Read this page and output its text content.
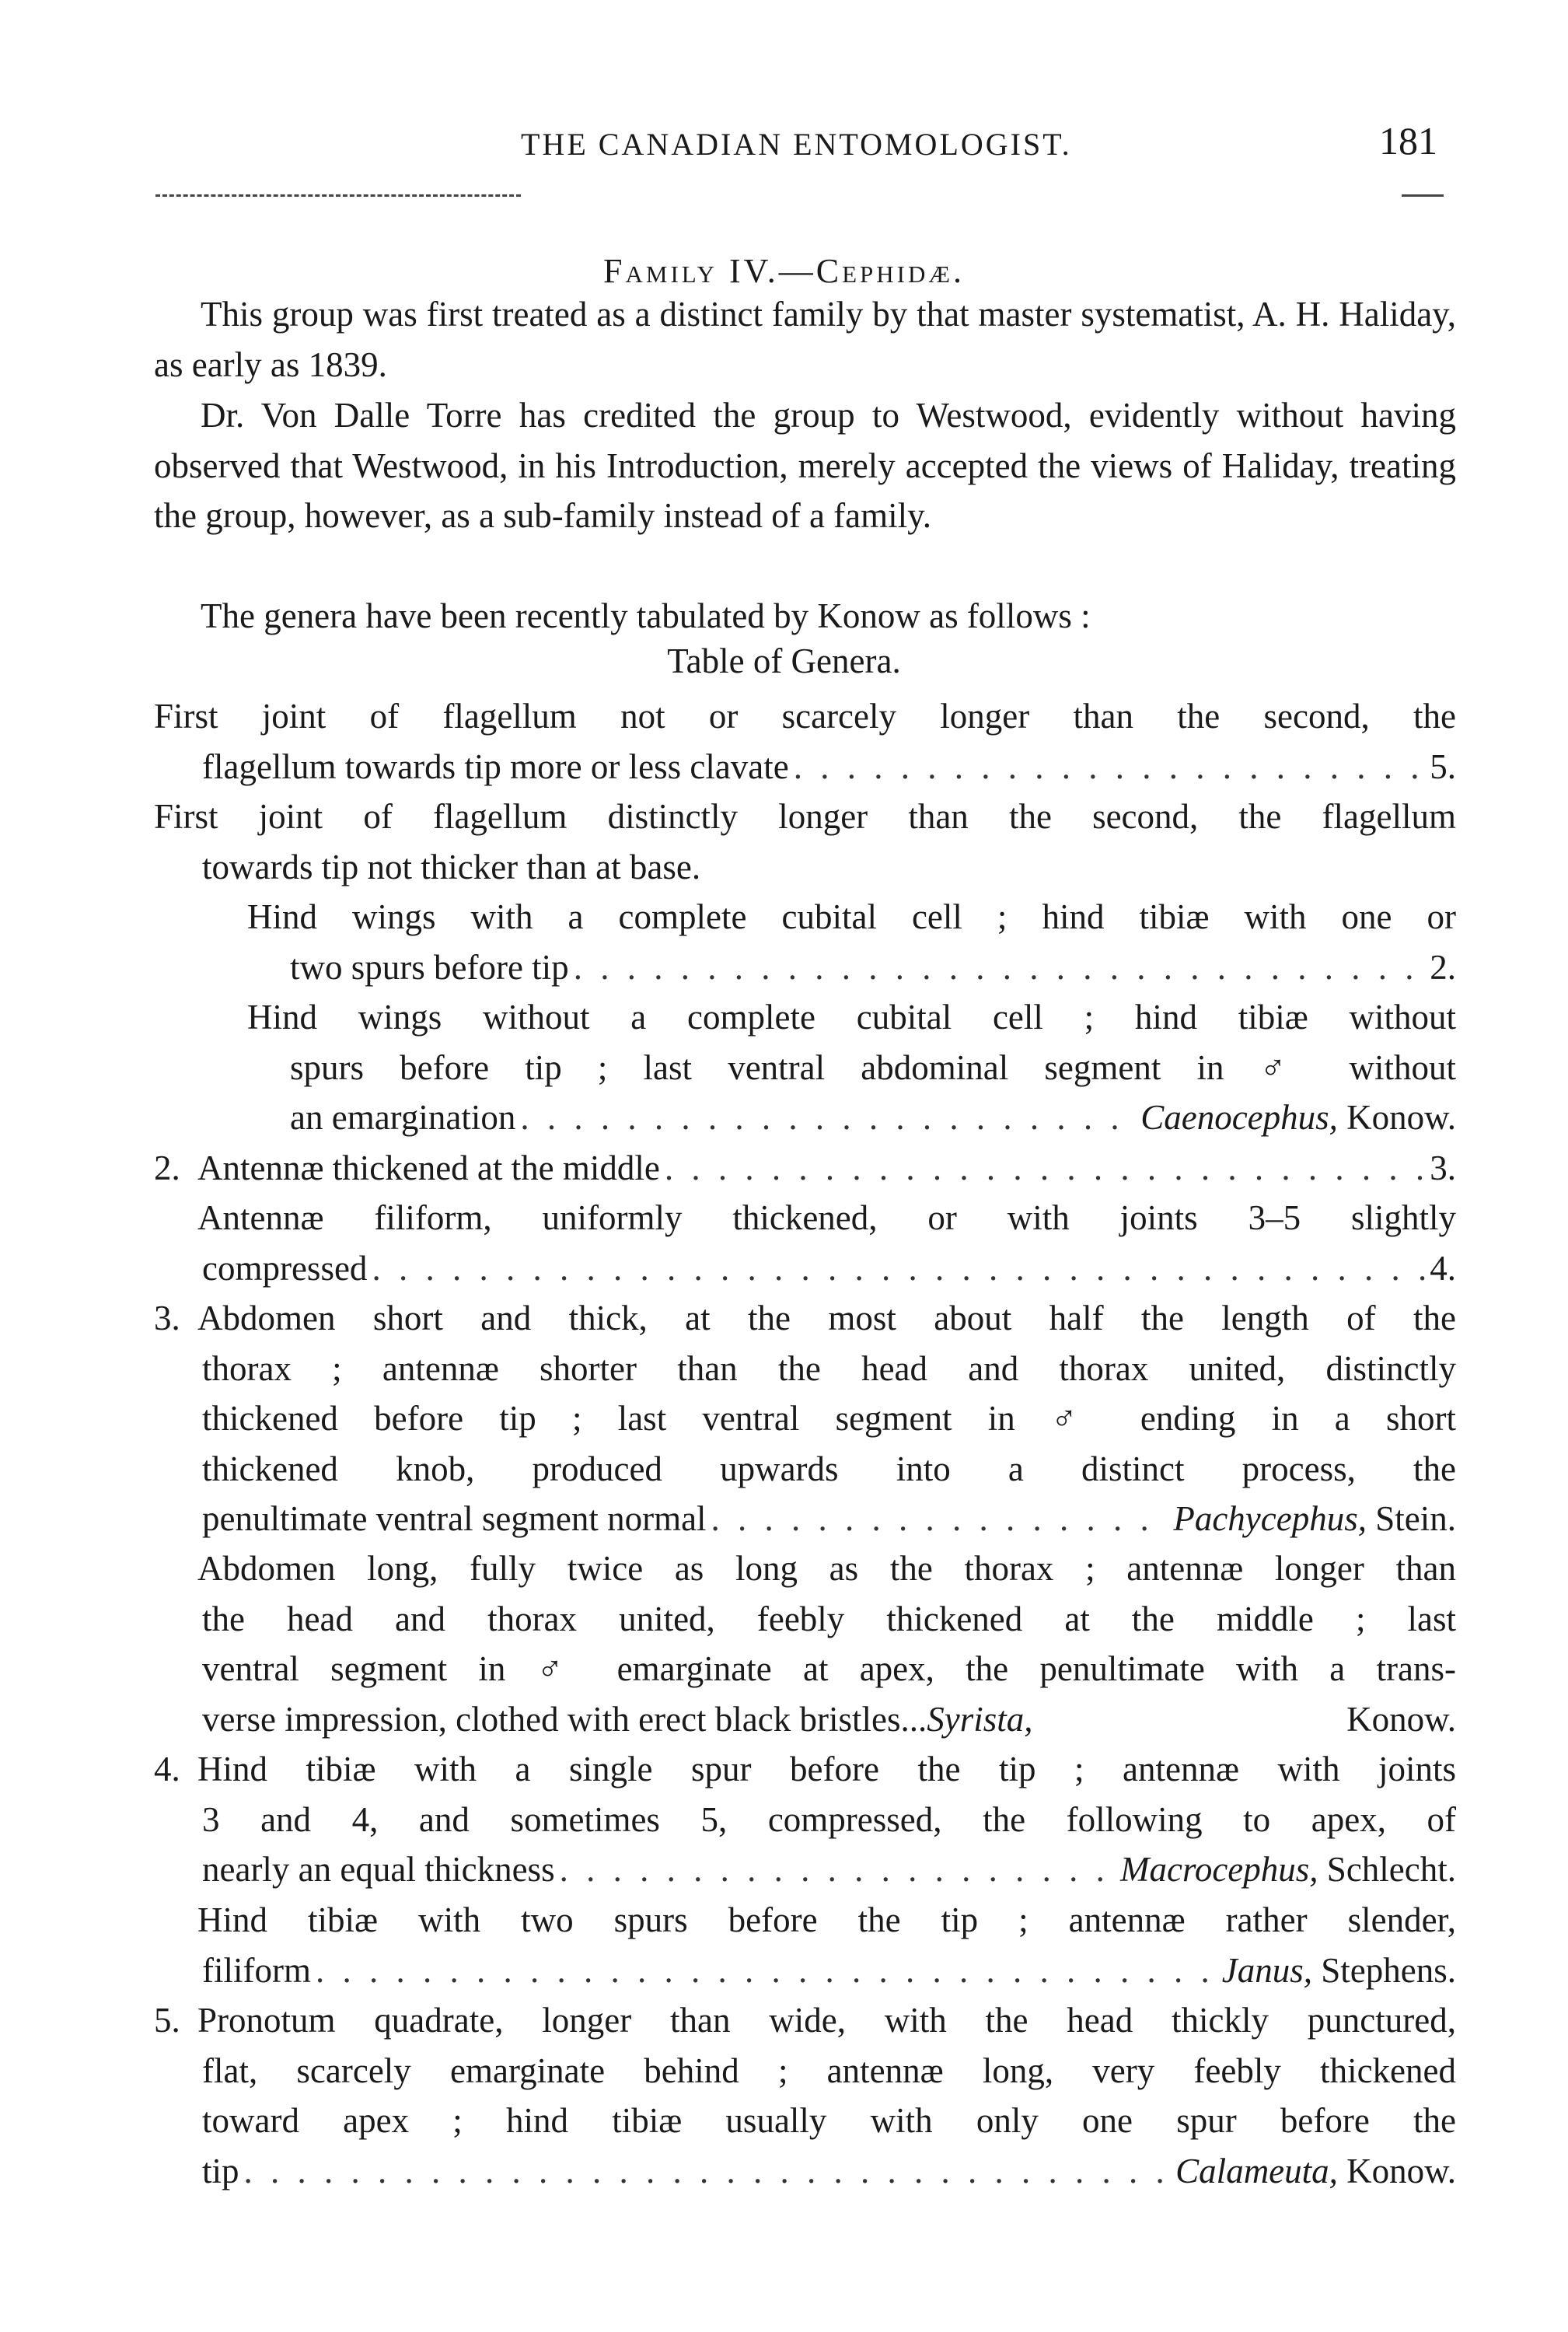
THE CANADIAN ENTOMOLOGIST.	181
Family IV.—Cephidæ.
This group was first treated as a distinct family by that master systematist, A. H. Haliday, as early as 1839.
Dr. Von Dalle Torre has credited the group to Westwood, evidently without having observed that Westwood, in his Introduction, merely accepted the views of Haliday, treating the group, however, as a sub-family instead of a family.
The genera have been recently tabulated by Konow as follows :
Table of Genera.
First joint of flagellum not or scarcely longer than the second, the
flagellum towards tip more or less clavate . . .	5.
First joint of flagellum distinctly longer than the second, the flagellum
towards tip not thicker than at base.
Hind wings with a complete cubital cell ; hind tibiæ with one or
two spurs before tip . . .	2.
Hind wings without a complete cubital cell ; hind tibiæ without
spurs before tip ; last ventral abdominal segment in ♂ without
an emargination . . .	Caenocephus,
Konow.
2. Antennæ thickened at the middle . . .	3.
Antennæ filiform, uniformly thickened, or with joints 3–5 slightly
compressed . . .	4.
3. Abdomen short and thick, at the most about half the length of the
thorax ; antennæ shorter than the head and thorax united, distinctly
thickened before tip ; last ventral segment in ♂ ending in a short
thickened knob, produced upwards into a distinct process, the
penultimate ventral segment normal . . .	Pachycephus,
Stein.
Abdomen long, fully twice as long as the thorax ; antennæ longer than
the head and thorax united, feebly thickened at the middle ; last
ventral segment in ♂ emarginate at apex, the penultimate with a trans-
verse impression, clothed with erect black bristles... Syrista,	Konow.
4. Hind tibiæ with a single spur before the tip ; antennæ with joints
3 and 4, and sometimes 5, compressed, the following to apex, of
nearly an equal thickness . . .	Macrocephus,
Schlecht.
Hind tibiæ with two spurs before the tip ; antennæ rather slender,
filiform . . .	Janus,
Stephens.
5. Pronotum quadrate, longer than wide, with the head thickly punctured,
flat, scarcely emarginate behind ; antennæ long, very feebly thickened
toward apex ; hind tibiæ usually with only one spur before the
tip . . .	Calameuta,
Konow.
